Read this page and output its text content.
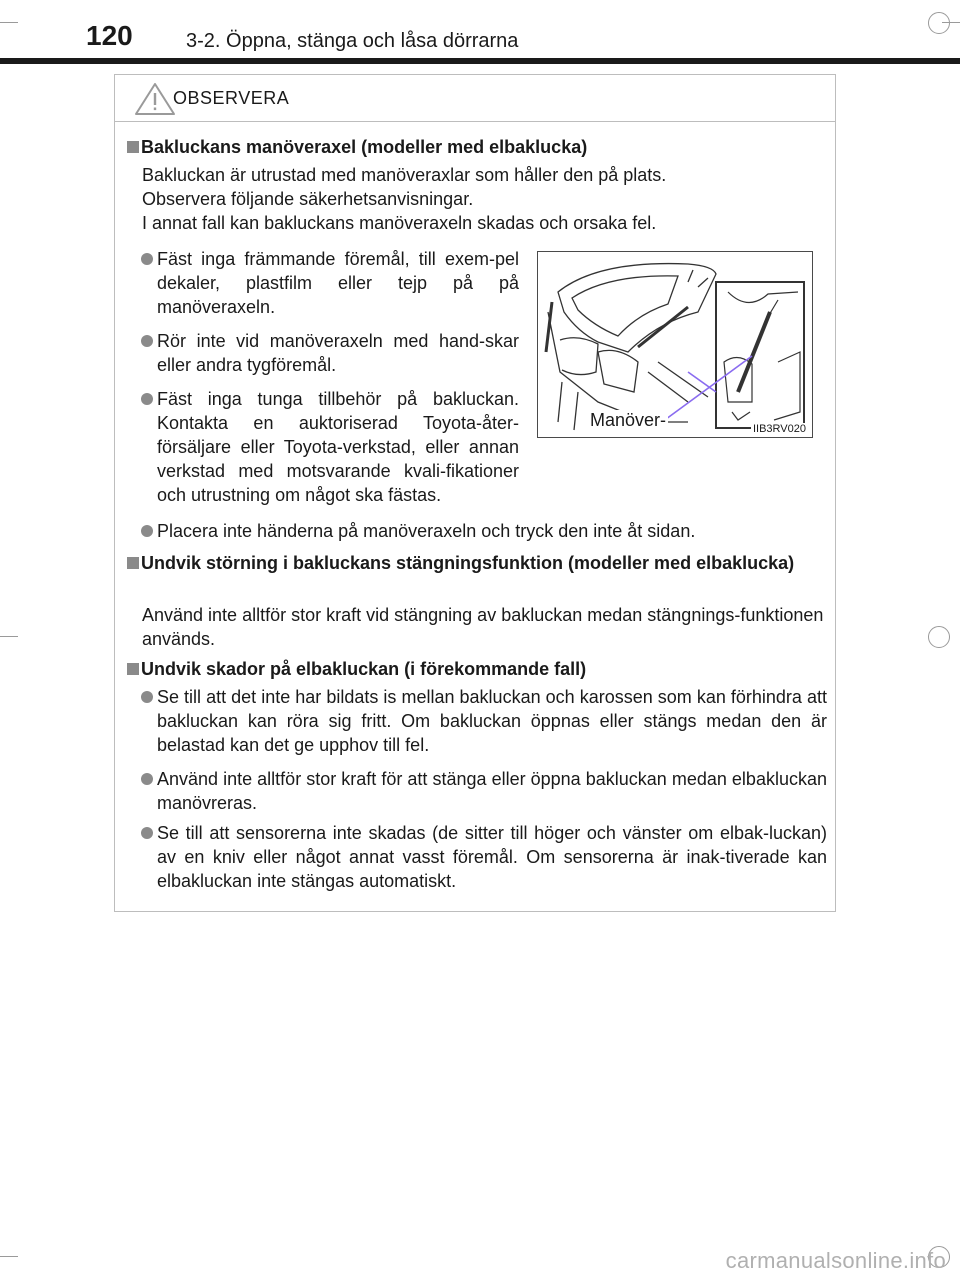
120	3-2. Öppna, stänga och låsa dörrarna
OBSERVERA
Bakluckans manöveraxel (modeller med elbaklucka)
Bakluckan är utrustad med manöveraxlar som håller den på plats.
Observera följande säkerhetsanvisningar.
I annat fall kan bakluckans manöveraxeln skadas och orsaka fel.
Fäst inga främmande föremål, till exem-pel dekaler, plastfilm eller tejp på på manöveraxeln.
Rör inte vid manöveraxeln med hand-skar eller andra tygföremål.
Fäst inga tunga tillbehör på bakluckan. Kontakta en auktoriserad Toyota-åter-försäljare eller Toyota-verkstad, eller annan verkstad med motsvarande kvali-fikationer och utrustning om något ska fästas.
Placera inte händerna på manöveraxeln och tryck den inte åt sidan.
Manöver-	IIB3RV020
Undvik störning i bakluckans stängningsfunktion (modeller med elbaklucka)
Använd inte alltför stor kraft vid stängning av bakluckan medan stängnings-funktionen används.
Undvik skador på elbakluckan (i förekommande fall)
Se till att det inte har bildats is mellan bakluckan och karossen som kan förhindra att bakluckan kan röra sig fritt. Om bakluckan öppnas eller stängs medan den är belastad kan det ge upphov till fel.
Använd inte alltför stor kraft för att stänga eller öppna bakluckan medan elbakluckan manövreras.
Se till att sensorerna inte skadas (de sitter till höger och vänster om elbak-luckan) av en kniv eller något annat vasst föremål. Om sensorerna är inak-tiverade kan elbakluckan inte stängas automatiskt.
carmanualsonline.info
